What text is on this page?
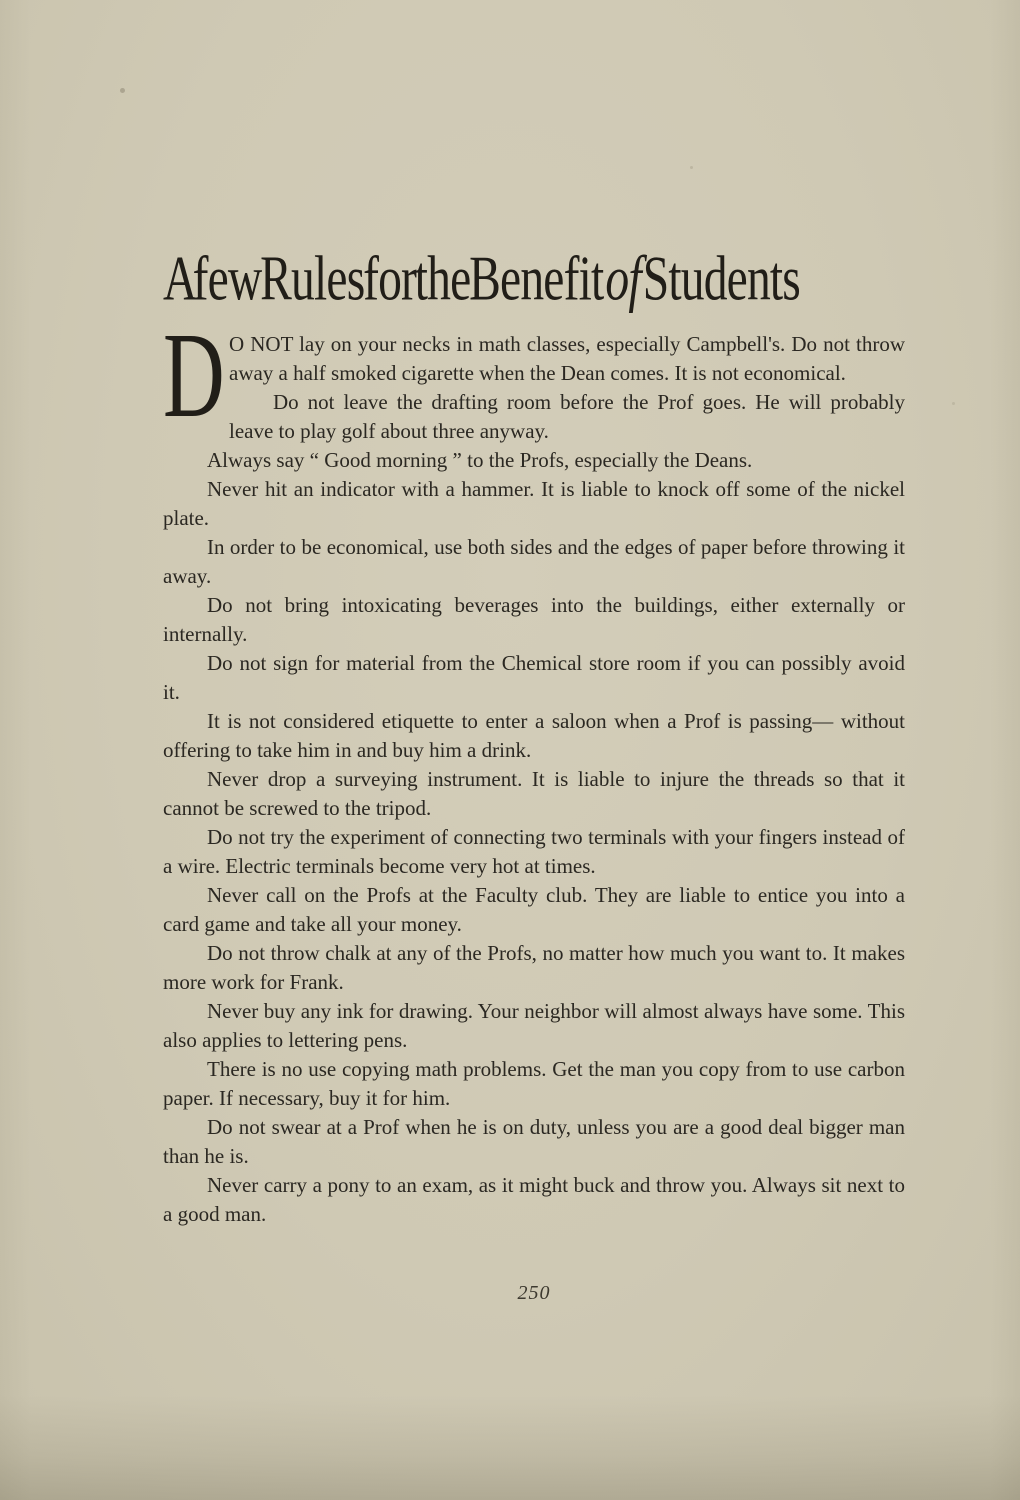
A few Rules for the Benefit of Students

D O NOT lay on your necks in math classes, especially Campbell's. Do not throw away a half smoked cigarette when the Dean comes. It is not economical.

Do not leave the drafting room before the Prof goes. He will probably leave to play golf about three anyway.

Always say “ Good morning ” to the Profs, especially the Deans.

Never hit an indicator with a hammer. It is liable to knock off some of the nickel plate.

In order to be economical, use both sides and the edges of paper before throwing it away.

Do not bring intoxicating beverages into the buildings, either externally or internally.

Do not sign for material from the Chemical store room if you can possibly avoid it.

It is not considered etiquette to enter a saloon when a Prof is passing— without offering to take him in and buy him a drink.

Never drop a surveying instrument. It is liable to injure the threads so that it cannot be screwed to the tripod.

Do not try the experiment of connecting two terminals with your fingers instead of a wire. Electric terminals become very hot at times.

Never call on the Profs at the Faculty club. They are liable to entice you into a card game and take all your money.

Do not throw chalk at any of the Profs, no matter how much you want to. It makes more work for Frank.

Never buy any ink for drawing. Your neighbor will almost always have some. This also applies to lettering pens.

There is no use copying math problems. Get the man you copy from to use carbon paper. If necessary, buy it for him.

Do not swear at a Prof when he is on duty, unless you are a good deal bigger man than he is.

Never carry a pony to an exam, as it might buck and throw you. Always sit next to a good man.

250
